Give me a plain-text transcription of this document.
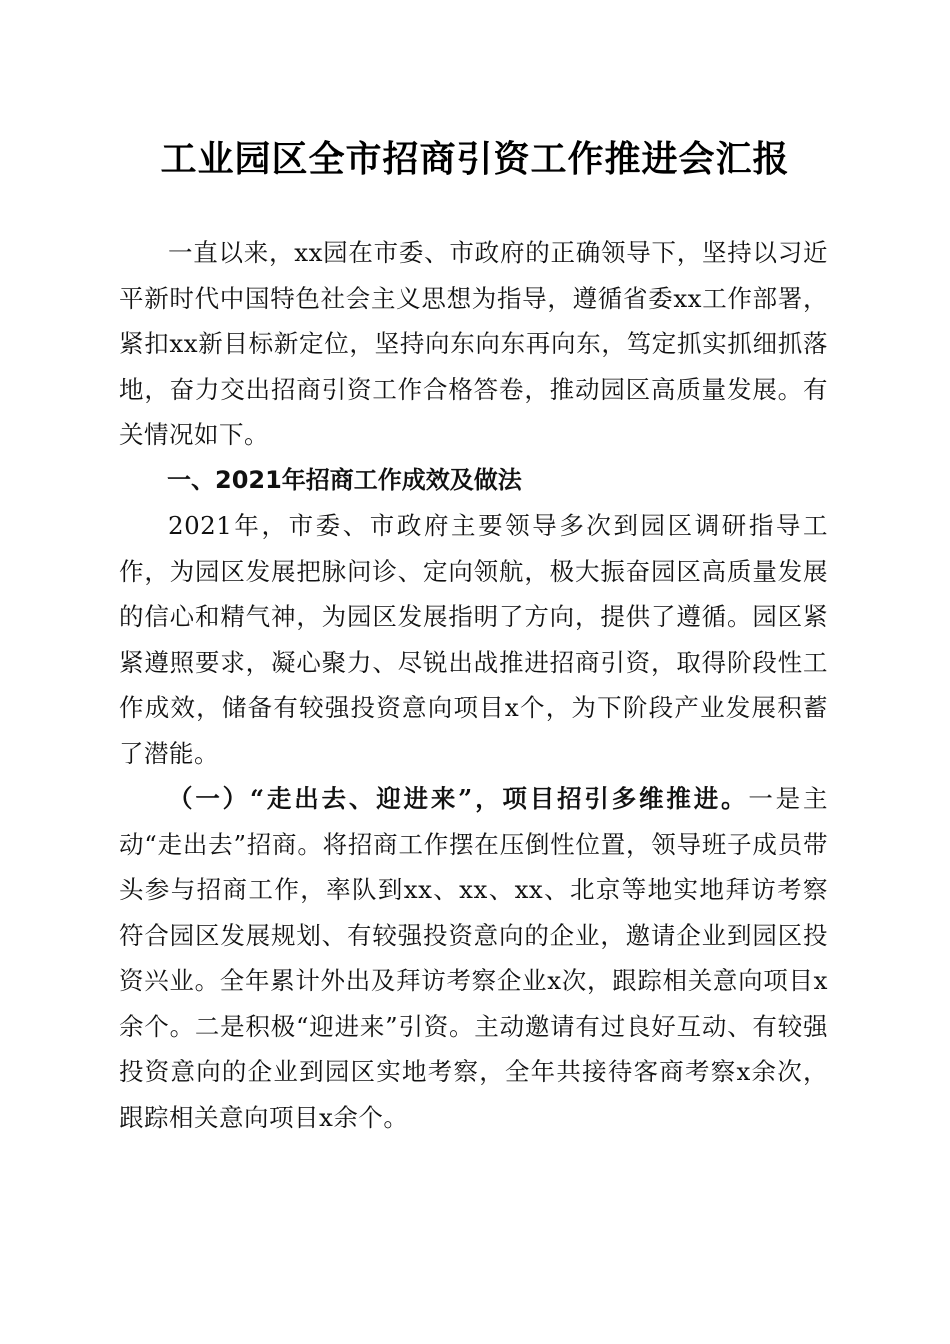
工业园区全市招商引资工作推进会汇报

一直以来，xx园在市委、市政府的正确领导下，坚持以习近平新时代中国特色社会主义思想为指导，遵循省委xx工作部署，紧扣xx新目标新定位，坚持向东向东再向东，笃定抓实抓细抓落地，奋力交出招商引资工作合格答卷，推动园区高质量发展。有关情况如下。

一、2021年招商工作成效及做法

2021年，市委、市政府主要领导多次到园区调研指导工作，为园区发展把脉问诊、定向领航，极大振奋园区高质量发展的信心和精气神，为园区发展指明了方向，提供了遵循。园区紧紧遵照要求，凝心聚力、尽锐出战推进招商引资，取得阶段性工作成效，储备有较强投资意向项目x个，为下阶段产业发展积蓄了潜能。

（一）“走出去、迎进来”，项目招引多维推进。一是主动“走出去”招商。将招商工作摆在压倒性位置，领导班子成员带头参与招商工作，率队到xx、xx、xx、北京等地实地拜访考察符合园区发展规划、有较强投资意向的企业，邀请企业到园区投资兴业。全年累计外出及拜访考察企业x次，跟踪相关意向项目x余个。二是积极“迎进来”引资。主动邀请有过良好互动、有较强投资意向的企业到园区实地考察，全年共接待客商考察x余次，跟踪相关意向项目x余个。
